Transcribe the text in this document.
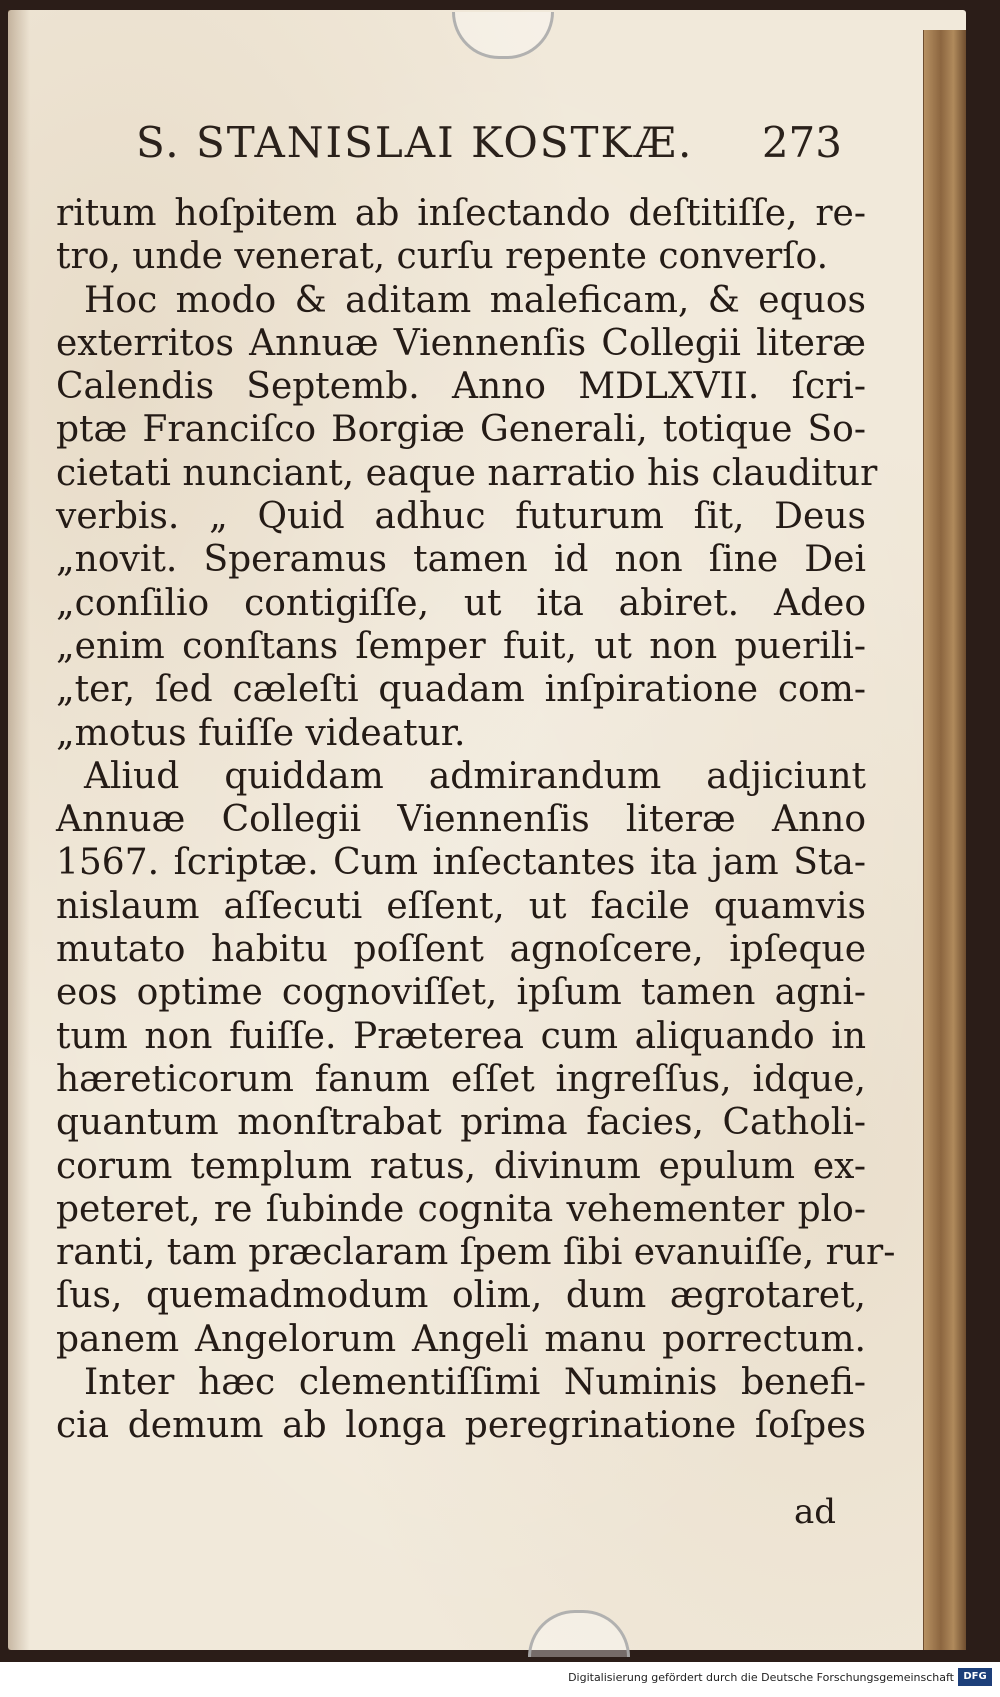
S. STANISLAI KOSTKÆ. 273
ritum hoſpitem ab inſectando deſtitiſſe, re-
tro, unde venerat, curſu repente converſo.
Hoc modo & aditam maleficam, & equos
exterritos Annuæ Viennenſis Collegii literæ
Calendis Septemb. Anno MDLXVII. ſcri-
ptæ Franciſco Borgiæ Generali, totique So-
cietati nunciant, eaque narratio his clauditur
verbis. „ Quid adhuc futurum ſit, Deus
„novit. Speramus tamen id non ſine Dei
„conſilio contigiſſe, ut ita abiret. Adeo
„enim conſtans ſemper fuit, ut non puerili-
„ter, ſed cæleſti quadam inſpiratione com-
„motus fuiſſe videatur.
Aliud quiddam admirandum adjiciunt
Annuæ Collegii Viennenſis literæ Anno
1567. ſcriptæ. Cum inſectantes ita jam Sta-
nislaum aſſecuti eſſent, ut facile quamvis
mutato habitu poſſent agnoſcere, ipſeque
eos optime cognoviſſet, ipſum tamen agni-
tum non fuiſſe. Præterea cum aliquando in
hæreticorum fanum eſſet ingreſſus, idque,
quantum monſtrabat prima facies, Catholi-
corum templum ratus, divinum epulum ex-
peteret, re ſubinde cognita vehementer plo-
ranti, tam præclaram ſpem ſibi evanuiſſe, rur-
ſus, quemadmodum olim, dum ægrotaret,
panem Angelorum Angeli manu porrectum.
Inter hæc clementiſſimi Numinis benefi-
cia demum ab longa peregrinatione ſoſpes
ad
Digitalisierung gefördert durch die Deutsche Forschungsgemeinschaft DFG
